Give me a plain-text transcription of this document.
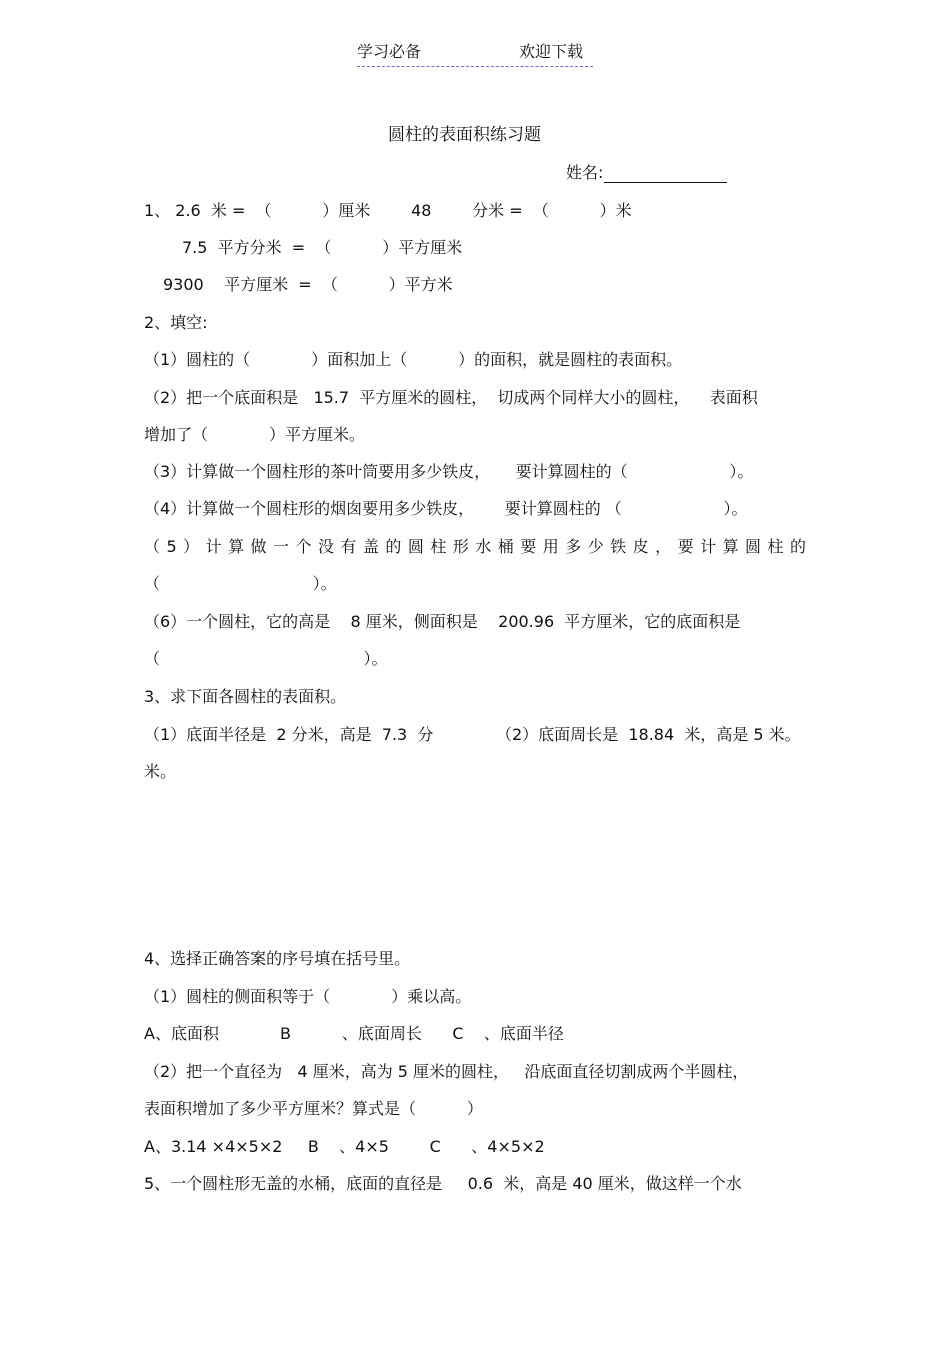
学习必备	欢迎下载
圆柱的表面积练习题
姓名:
1、 2.6  米 =  （          ）厘米        48        分米 =  （          ）米
7.5  平方分米  =  （          ）平方厘米
9300    平方厘米  =  （          ）平方米
2、填空:
（1）圆柱的（            ）面积加上（          ）的面积，就是圆柱的表面积。
（2）把一个底面积是   15.7  平方厘米的圆柱，  切成两个同样大小的圆柱，    表面积
增加了（            ）平方厘米。
（3）计算做一个圆柱形的茶叶筒要用多少铁皮，     要计算圆柱的（                    ）。
（4）计算做一个圆柱形的烟囱要用多少铁皮，      要计算圆柱的 （                    ）。
（5）计算做一个没有盖的圆柱形水桶要用多少铁皮，要计算圆柱的
（                              ）。
（6）一个圆柱，它的高是    8 厘米，侧面积是    200.96  平方厘米，它的底面积是
（                                        ）。
3、求下面各圆柱的表面积。
（1）底面半径是  2 分米，高是  7.3  分	（2）底面周长是  18.84  米，高是 5 米。
米。
4、选择正确答案的序号填在括号里。
（1）圆柱的侧面积等于（            ）乘以高。
A、底面积            B          、底面周长      C    、底面半径
（2）把一个直径为   4 厘米，高为 5 厘米的圆柱，   沿底面直径切割成两个半圆柱，
表面积增加了多少平方厘米？算式是（          ）
A、3.14 ×4×5×2     B    、4×5        C      、4×5×2
5、一个圆柱形无盖的水桶，底面的直径是     0.6  米，高是 40 厘米，做这样一个水
